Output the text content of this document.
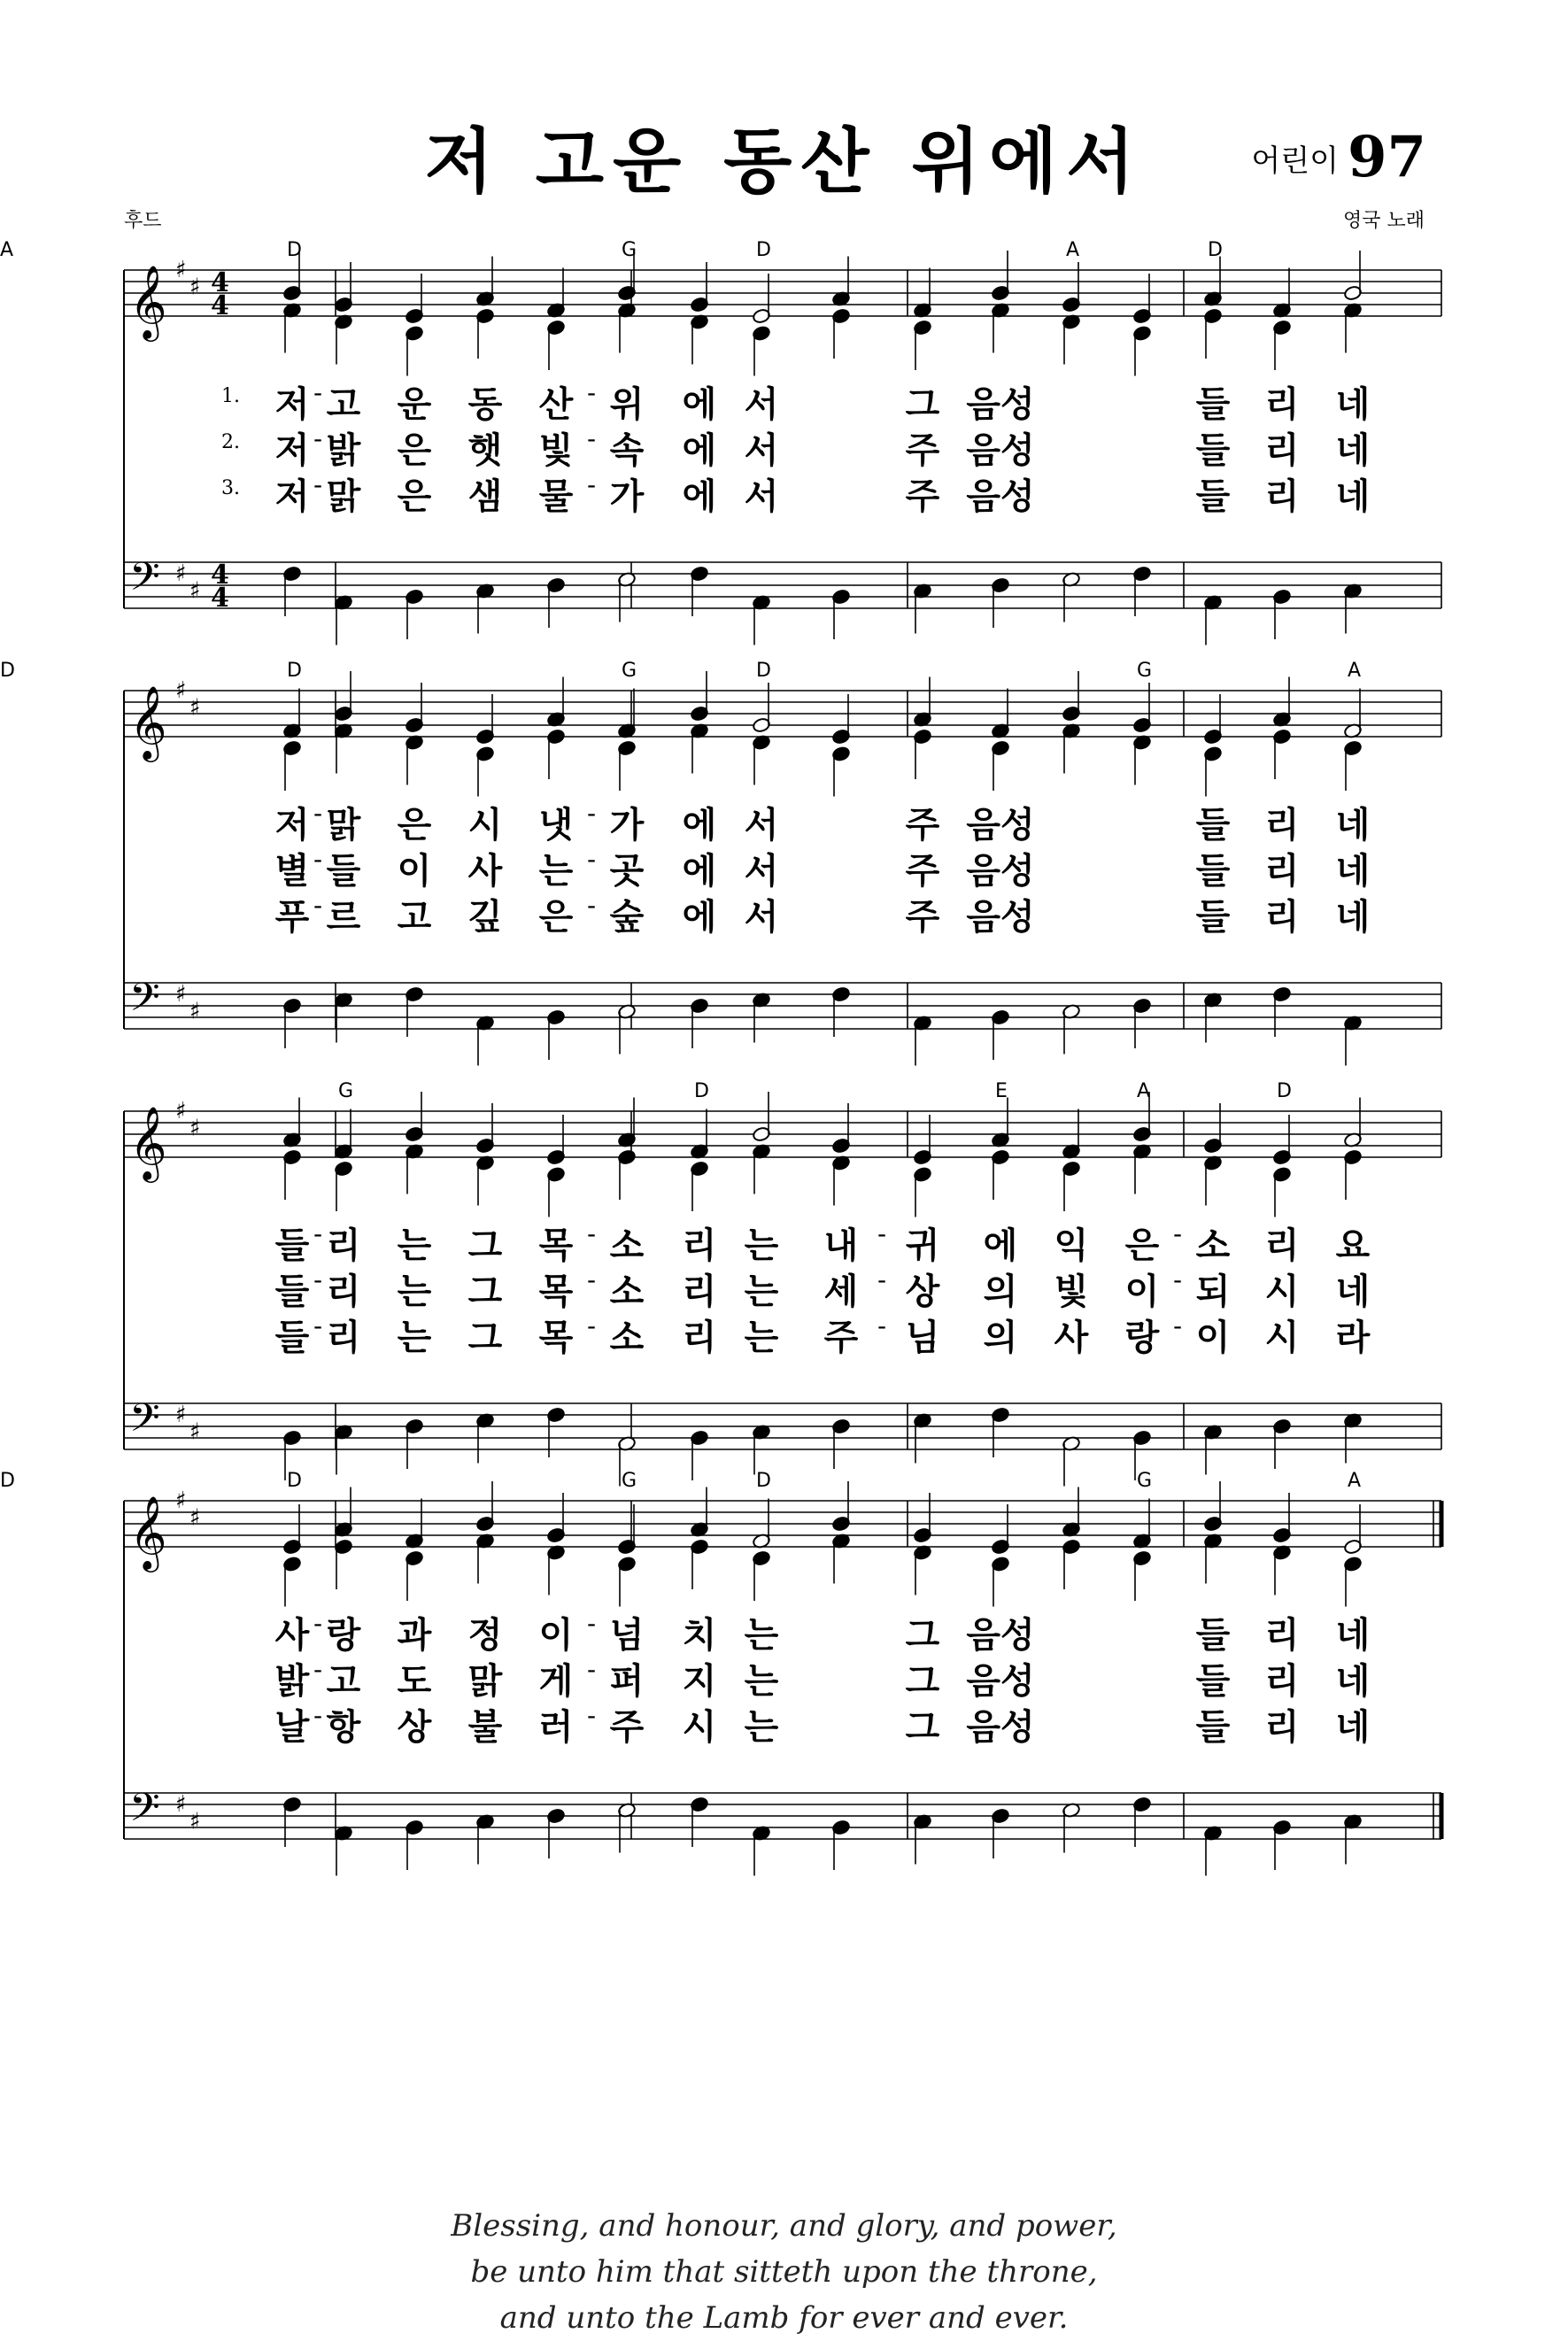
저 고운 동산 위에서	어린이 97
후드	영국 노래
𝄞 ♯
♯ 4
4
𝄢 ♯
♯
4
4
D	G	D	A	D
A
𝄞 ♯
♯
𝄢 ♯
♯
D	G	D	G	A
D
𝄞 ♯
♯
𝄢 ♯
♯
G	D	E	A	D
𝄞 ♯
♯
𝄢 ♯
♯
D	G	D	G	A
D
1. 저 고 운 동 산 위 에 서	그 음성	들 리 네
-	-
2. 저 밝 은 햇 빛 속 에 서	주 음성	들 리 네
-	-
3. 저 맑 은 샘 물 가 에 서	주 음성	들 리 네
-	-
저 맑 은 시 냇 가 에 서	주 음성	들 리 네
-	-
별 들 이 사 는 곳 에 서	주 음성	들 리 네
-	-
푸 르 고 깊 은 숲 에 서	주 음성	들 리 네
-	-
들 리 는 그 목 소 리 는 내 귀 에 익 은 소 리 요
-	-	-	-
들 리 는 그 목 소 리 는 세 상 의 빛 이 되 시 네
-	-	-	-
들 리 는 그 목 소 리 는 주 님 의 사 랑 이 시 라
-	-	-	-
사 랑 과 정 이 넘 치 는	그 음성	들 리 네
-	-
밝 고 도 맑 게 퍼 지 는	그 음성	들 리 네
-	-
날 항 상 불 러 주 시 는	그 음성	들 리 네
-	-
Blessing, and honour, and glory, and power,
be unto him that sitteth upon the throne,
and unto the Lamb for ever and ever.
